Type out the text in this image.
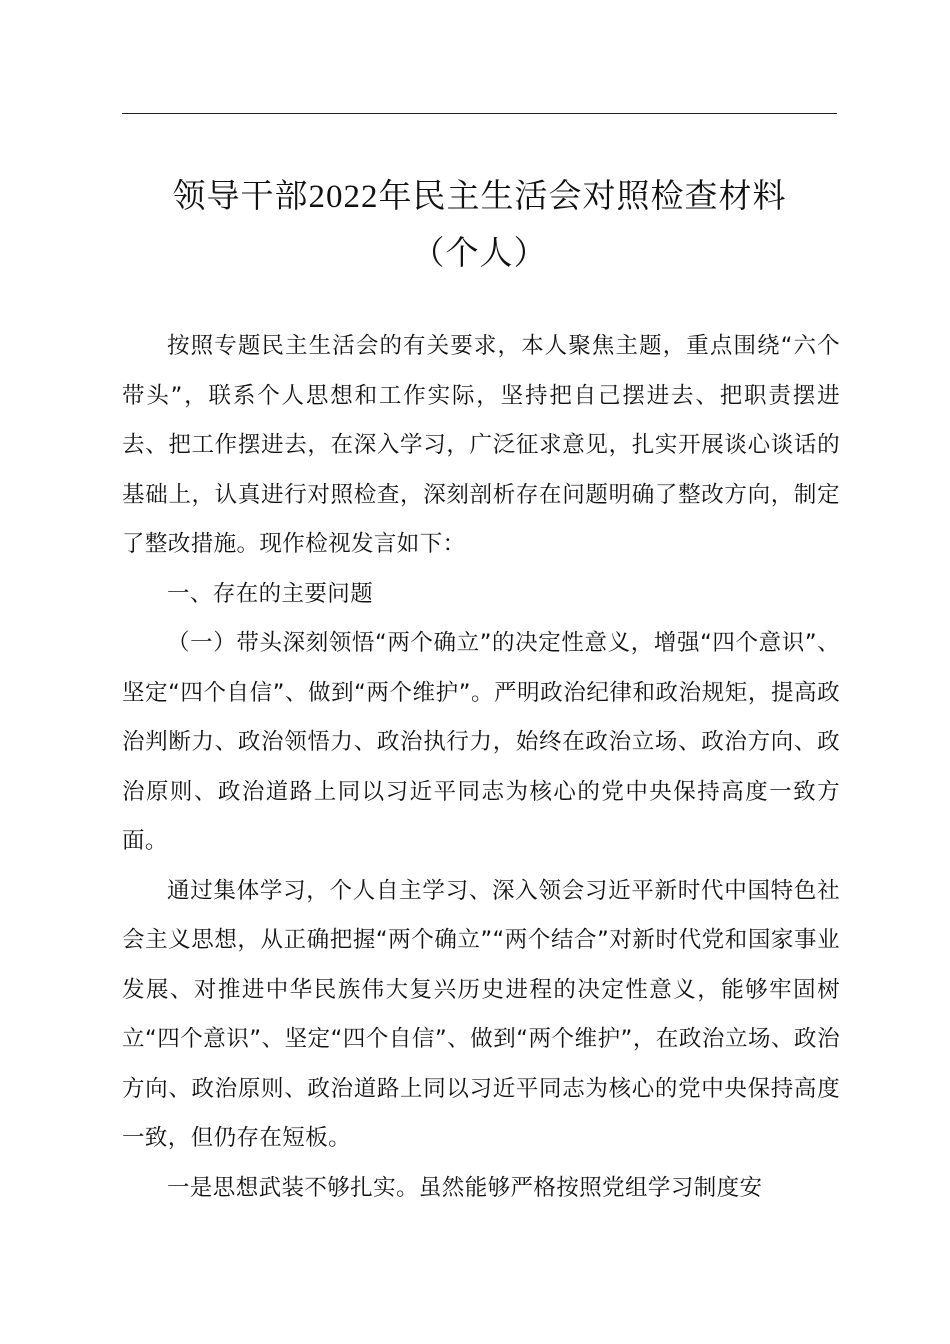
领导干部2022年民主生活会对照检查材料
（个人）

按照专题民主生活会的有关要求，本人聚焦主题，重点围绕“六个带头”，联系个人思想和工作实际，坚持把自己摆进去、把职责摆进去、把工作摆进去，在深入学习，广泛征求意见，扎实开展谈心谈话的基础上，认真进行对照检查，深刻剖析存在问题明确了整改方向，制定了整改措施。现作检视发言如下：

一、存在的主要问题

（一）带头深刻领悟“两个确立”的决定性意义，增强“四个意识”、坚定“四个自信”、做到“两个维护”。严明政治纪律和政治规矩，提高政治判断力、政治领悟力、政治执行力，始终在政治立场、政治方向、政治原则、政治道路上同以习近平同志为核心的党中央保持高度一致方面。

通过集体学习，个人自主学习、深入领会习近平新时代中国特色社会主义思想，从正确把握“两个确立”“两个结合”对新时代党和国家事业发展、对推进中华民族伟大复兴历史进程的决定性意义，能够牢固树立“四个意识”、坚定“四个自信”、做到“两个维护”，在政治立场、政治方向、政治原则、政治道路上同以习近平同志为核心的党中央保持高度一致，但仍存在短板。

一是思想武装不够扎实。虽然能够严格按照党组学习制度安
